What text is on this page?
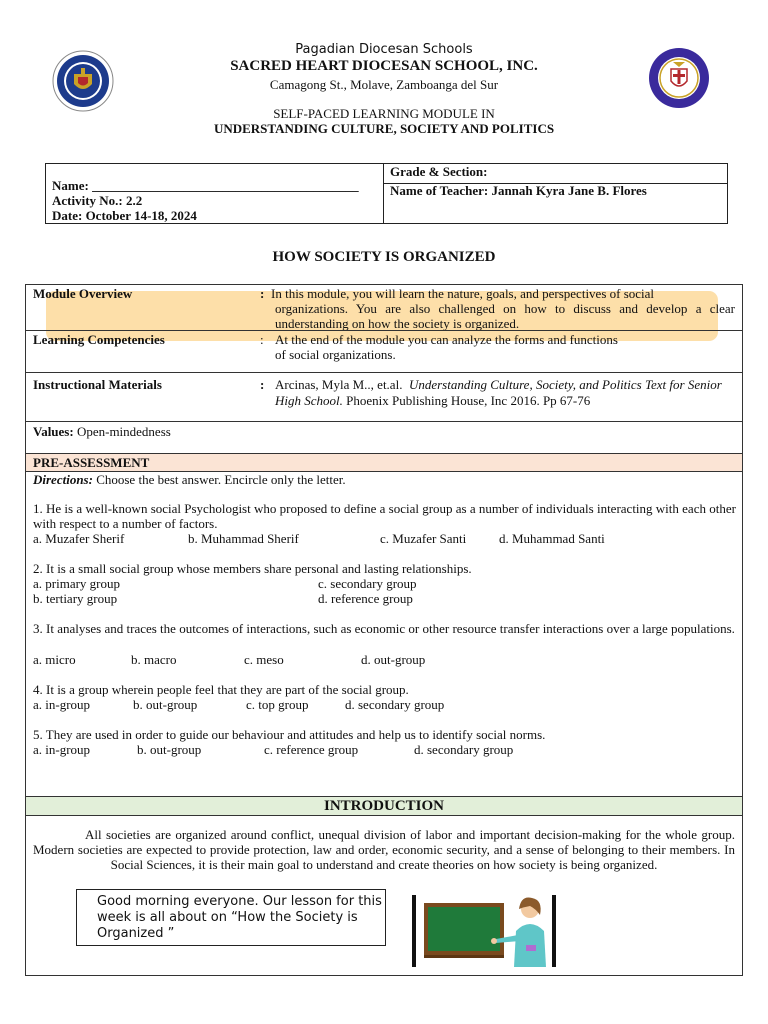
Pagadian Diocesan Schools
SACRED HEART DIOCESAN SCHOOL, INC.
Camagong St., Molave, Zamboanga del Sur
SELF-PACED LEARNING MODULE IN
UNDERSTANDING CULTURE, SOCIETY AND POLITICS
Name: _________________________________________
Activity No.: 2.2
Date: October 14-18, 2024
Grade & Section:
Name of Teacher: Jannah Kyra Jane B. Flores
HOW SOCIETY IS ORGANIZED
Module Overview	: In this module, you will learn the nature, goals, and perspectives of social
organizations. You are also challenged on how to discuss and develop a clear understanding on how the society is organized.
Learning Competencies	: At the end of the module you can analyze the forms and functions
of social organizations.
Instructional Materials	: Arcinas, Myla M.., et.al. Understanding Culture, Society, and Politics Text for Senior High School. Phoenix Publishing House, Inc 2016. Pp 67-76
Values: Open-mindedness
PRE-ASSESSMENT
Directions: Choose the best answer. Encircle only the letter.
1. He is a well-known social Psychologist who proposed to define a social group as a number of individuals interacting with each other with respect to a number of factors.
a. Muzafer Sherif	b. Muhammad Sherif	c. Muzafer Santi	d. Muhammad Santi
2. It is a small social group whose members share personal and lasting relationships.
a. primary group	c. secondary group
b. tertiary group	d. reference group
3. It analyses and traces the outcomes of interactions, such as economic or other resource transfer interactions over a large populations.
a. micro	b. macro	c. meso	d. out-group
4. It is a group wherein people feel that they are part of the social group.
a. in-group	b. out-group	c. top group	d. secondary group
5. They are used in order to guide our behaviour and attitudes and help us to identify social norms.
a. in-group	b. out-group	c. reference group	d. secondary group
INTRODUCTION
All societies are organized around conflict, unequal division of labor and important decision-making for the whole group. Modern societies are expected to provide protection, law and order, economic security, and a sense of belonging to their members. In Social Sciences, it is their main goal to understand and create theories on how society is being organized.
Good morning everyone. Our lesson for this week is all about on “How the Society is Organized ”
